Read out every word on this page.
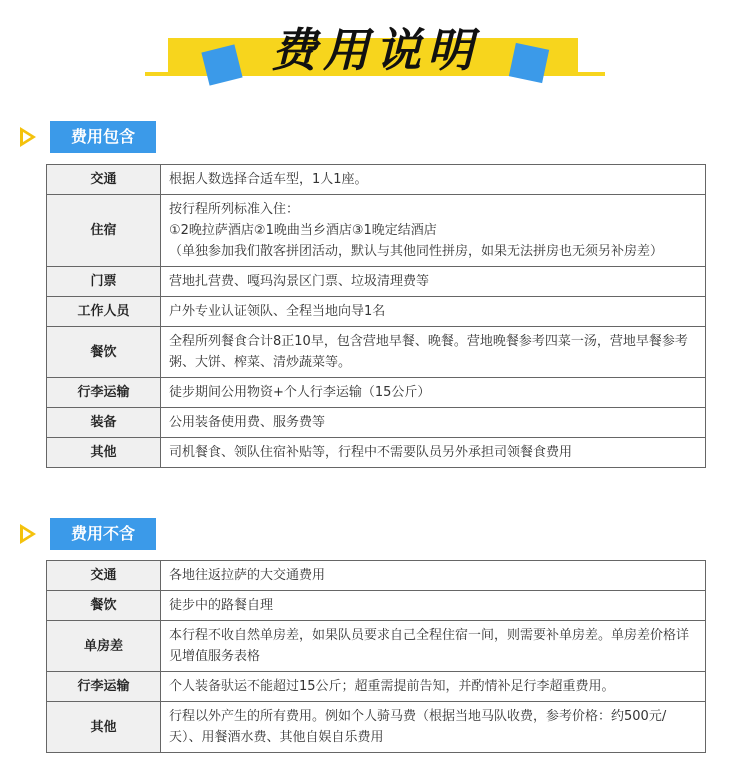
费用说明
费用包含
交通	根据人数选择合适车型，1人1座。

住宿	按行程所列标准入住：
①2晚拉萨酒店②1晚曲当乡酒店③1晚定结酒店
（单独参加我们散客拼团活动，默认与其他同性拼房，如果无法拼房也无须另补房差）

门票	营地扎营费、嘎玛沟景区门票、垃圾清理费等

工作人员	户外专业认证领队、全程当地向导1名

餐饮	全程所列餐食合计8正10早，包含营地早餐、晚餐。营地晚餐参考四菜一汤，营地早餐参考粥、大饼、榨菜、清炒蔬菜等。

行李运输	徒步期间公用物资+个人行李运输（15公斤）

装备	公用装备使用费、服务费等

其他	司机餐食、领队住宿补贴等，行程中不需要队员另外承担司领餐食费用
费用不含
交通	各地往返拉萨的大交通费用

餐饮	徒步中的路餐自理

单房差	本行程不收自然单房差，如果队员要求自己全程住宿一间，则需要补单房差。单房差价格详见增值服务表格

行李运输	个人装备驮运不能超过15公斤；超重需提前告知，并酌情补足行李超重费用。

其他	行程以外产生的所有费用。例如个人骑马费（根据当地马队收费，参考价格：约500元/天）、用餐酒水费、其他自娱自乐费用
